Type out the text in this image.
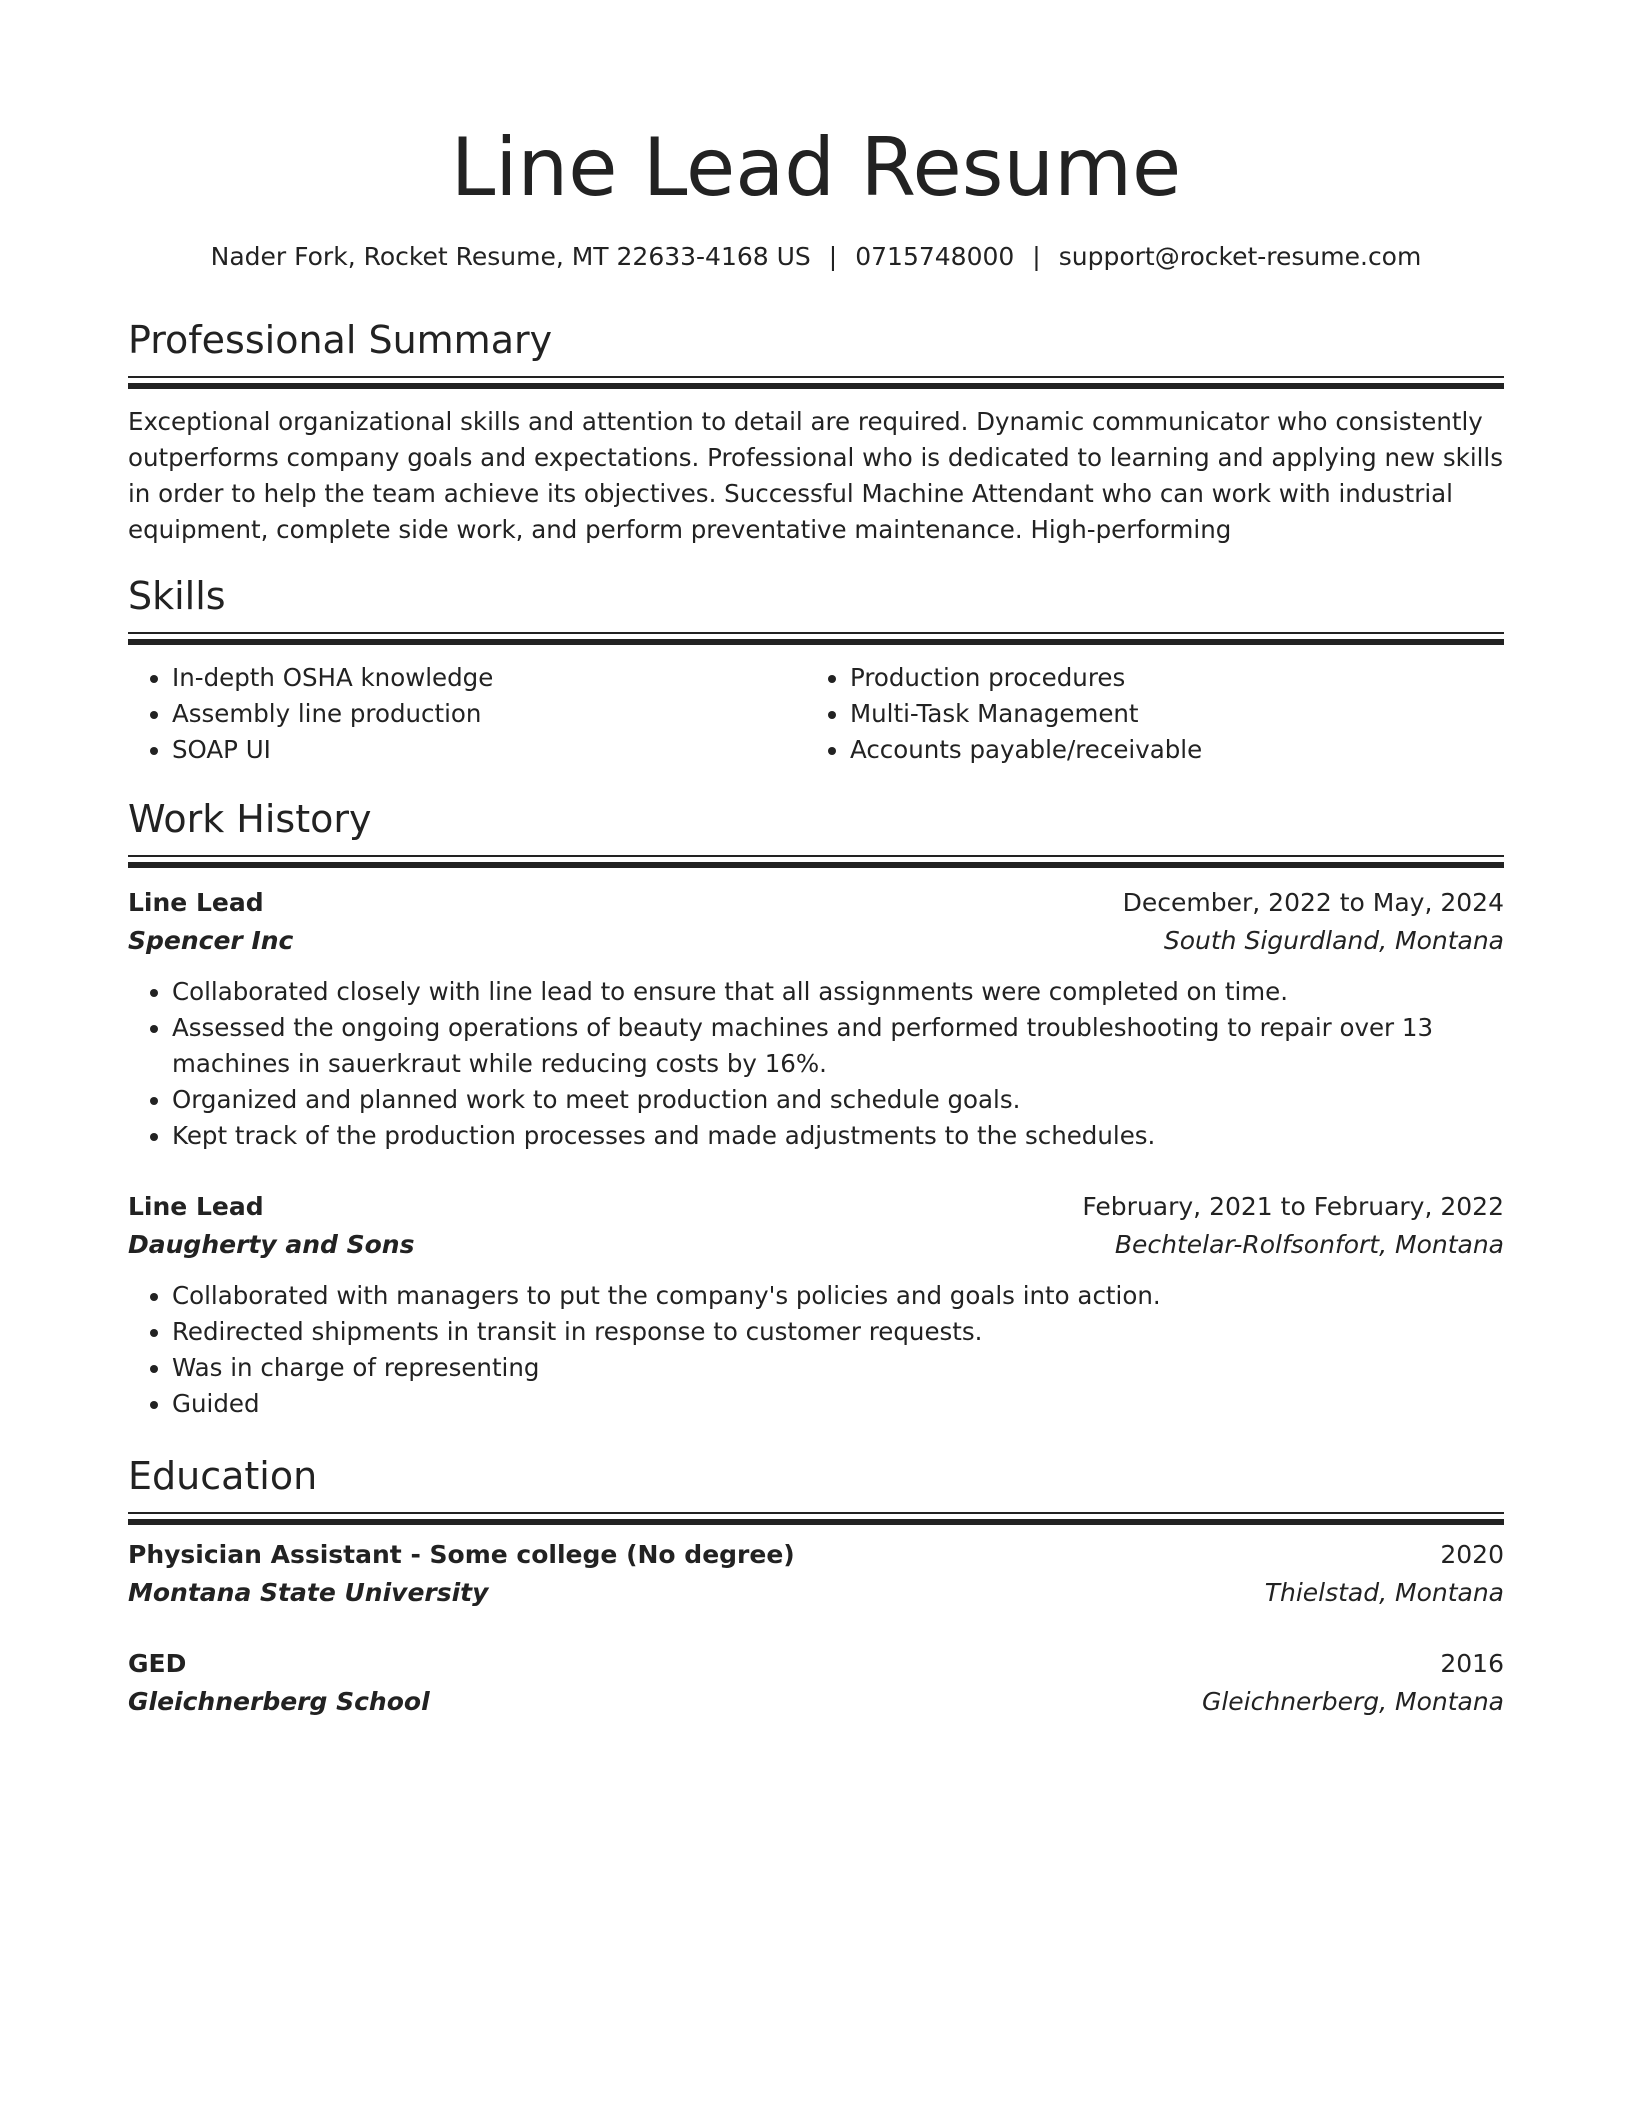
Line Lead Resume
Nader Fork, Rocket Resume, MT 22633-4168 US | 0715748000 | support@rocket-resume.com
Professional Summary

Exceptional organizational skills and attention to detail are required. Dynamic communicator who consistently outperforms company goals and expectations. Professional who is dedicated to learning and applying new skills in order to help the team achieve its objectives. Successful Machine Attendant who can work with industrial equipment, complete side work, and perform preventative maintenance. High-performing

Skills
• In-depth OSHA knowledge
• Assembly line production
• SOAP UI
• Production procedures
• Multi-Task Management
• Accounts payable/receivable
Work History
Line Lead	December, 2022 to May, 2024
Spencer Inc	South Sigurdland, Montana
• Collaborated closely with line lead to ensure that all assignments were completed on time.
• Assessed the ongoing operations of beauty machines and performed troubleshooting to repair over 13 machines in sauerkraut while reducing costs by 16%.
• Organized and planned work to meet production and schedule goals.
• Kept track of the production processes and made adjustments to the schedules.
Line Lead	February, 2021 to February, 2022
Daugherty and Sons	Bechtelar-Rolfsonfort, Montana
• Collaborated with managers to put the company's policies and goals into action.
• Redirected shipments in transit in response to customer requests.
• Was in charge of representing
• Guided
Education
Physician Assistant - Some college (No degree)	2020
Montana State University	Thielstad, Montana
GED	2016
Gleichnerberg School	Gleichnerberg, Montana
